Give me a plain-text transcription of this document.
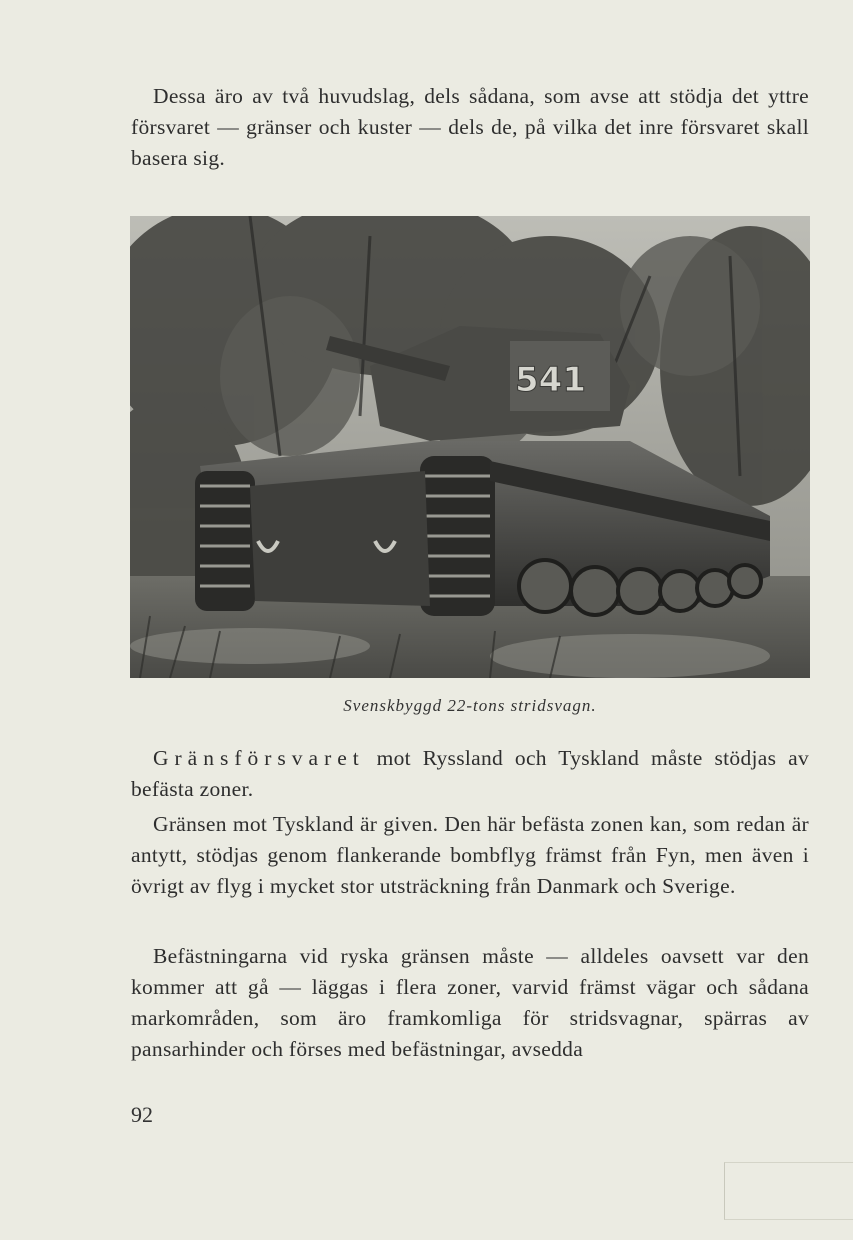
Dessa äro av två huvudslag, dels sådana, som avse att stödja det yttre försvaret — gränser och kuster — dels de, på vilka det inre försvaret skall basera sig.

541
Svenskbyggd 22-tons stridsvagn.

Gränsförsvaret mot Ryssland och Tyskland måste stödjas av befästa zoner.

Gränsen mot Tyskland är given. Den här befästa zonen kan, som redan är antytt, stödjas genom flankerande bombflyg främst från Fyn, men även i övrigt av flyg i mycket stor utsträckning från Danmark och Sverige.

Befästningarna vid ryska gränsen måste — alldeles oavsett var den kommer att gå — läggas i flera zoner, varvid främst vägar och sådana markområden, som äro framkomliga för stridsvagnar, spärras av pansarhinder och förses med befästningar, avsedda

92
